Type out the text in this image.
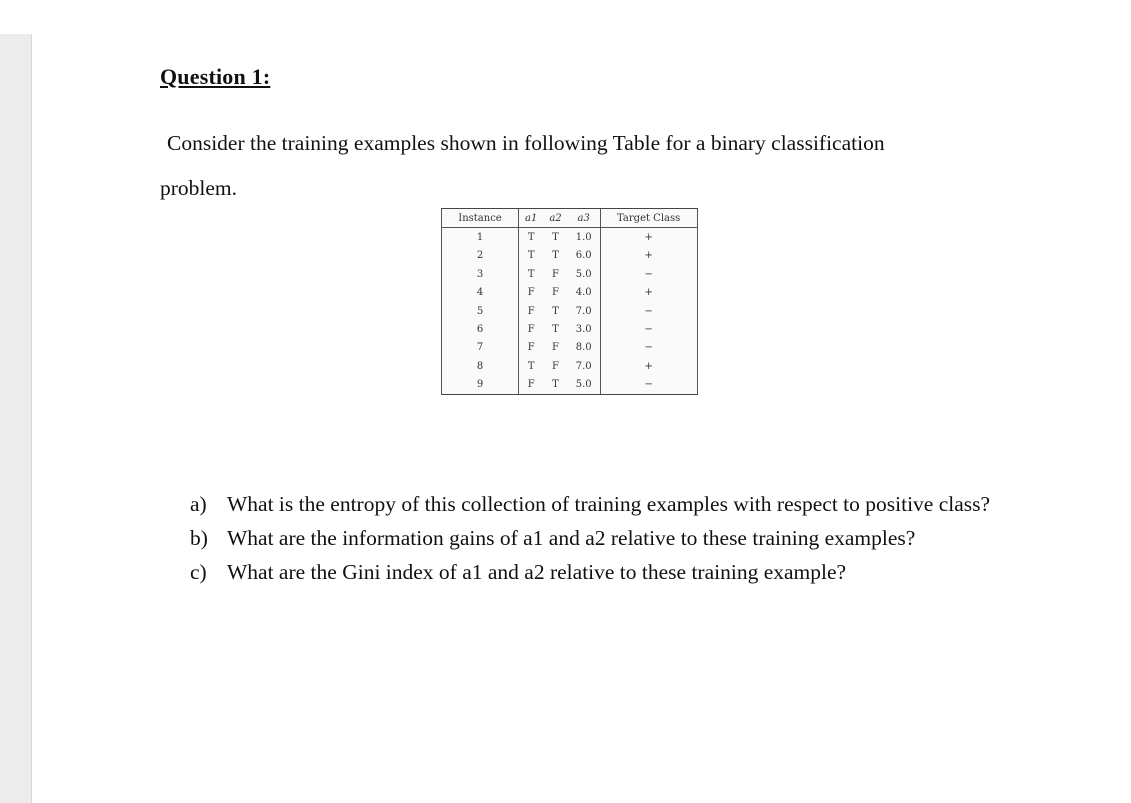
Question 1:
Consider the training examples shown in following Table for a binary classification
problem.
Instance	a1	a2	a3	Target Class
1	T	T	1.0	+
2	T	T	6.0	+
3	T	F	5.0	−
4	F	F	4.0	+
5	F	T	7.0	−
6	F	T	3.0	−
7	F	F	8.0	−
8	T	F	7.0	+
9	F	T	5.0	−
a) What is the entropy of this collection of training examples with respect to positive class?
b) What are the information gains of a1 and a2 relative to these training examples?
c) What are the Gini index of a1 and a2 relative to these training example?
